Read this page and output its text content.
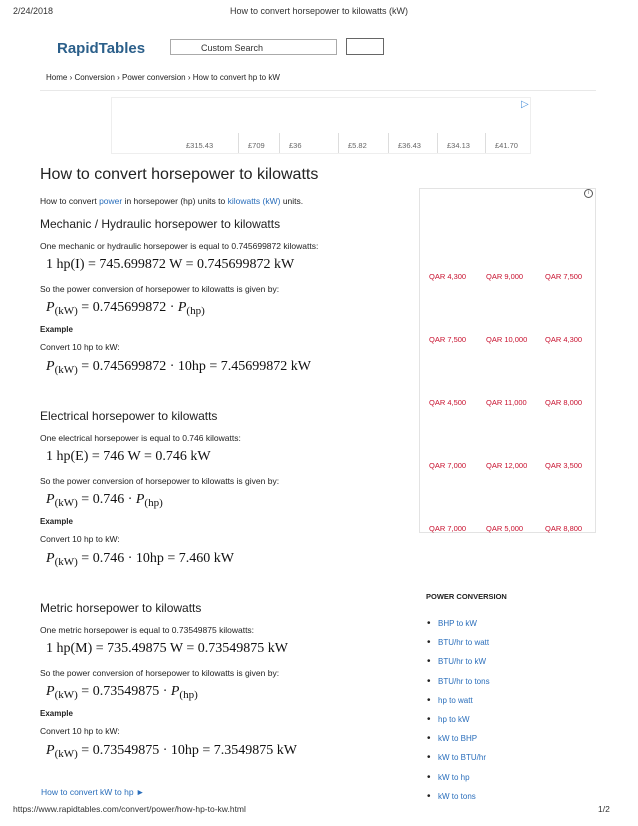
2/24/2018	How to convert horsepower to kilowatts (kW)
RapidTables	Custom Search
Home › Conversion › Power conversion › How to convert hp to kW
▷
£315.43	£709	£36	£5.82	£36.43	£34.13	£41.70
How to convert horsepower to kilowatts
How to convert power in horsepower (hp) units to kilowatts (kW) units.
Mechanic / Hydraulic horsepower to kilowatts
One mechanic or hydraulic horsepower is equal to 0.745699872 kilowatts:
1 hp(I) = 745.699872 W = 0.745699872 kW
So the power conversion of horsepower to kilowatts is given by:
$P_{(kW)} = 0.745699872 \cdot P_{(hp)}$
Example
Convert 10 hp to kW:
$P_{(kW)} = 0.745699872 \cdot 10hp = 7.45699872$ kW
Electrical horsepower to kilowatts
One electrical horsepower is equal to 0.746 kilowatts:
1 hp(E) = 746 W = 0.746 kW
So the power conversion of horsepower to kilowatts is given by:
$P_{(kW)} = 0.746 \cdot P_{(hp)}$
Example
Convert 10 hp to kW:
$P_{(kW)} = 0.746 \cdot 10hp = 7.460$ kW
Metric horsepower to kilowatts
One metric horsepower is equal to 0.73549875 kilowatts:
1 hp(M) = 735.49875 W = 0.73549875 kW
So the power conversion of horsepower to kilowatts is given by:
$P_{(kW)} = 0.73549875 \cdot P_{(hp)}$
Example
Convert 10 hp to kW:
$P_{(kW)} = 0.73549875 \cdot 10hp = 7.3549875$ kW
How to convert kW to hp ►
i
QAR 4,300	QAR 9,000	QAR 7,500
QAR 7,500	QAR 10,000 QAR 4,300
QAR 4,500	QAR 11,000 QAR 8,000
QAR 7,000	QAR 12,000 QAR 3,500
QAR 7,000	QAR 5,000	QAR 8,800
POWER CONVERSION
• BHP to kW
• BTU/hr to watt
• BTU/hr to kW
• BTU/hr to tons
• hp to watt
• hp to kW
• kW to BHP
• kW to BTU/hr
• kW to hp
• kW to tons
https://www.rapidtables.com/convert/power/how-hp-to-kw.html	1/2
